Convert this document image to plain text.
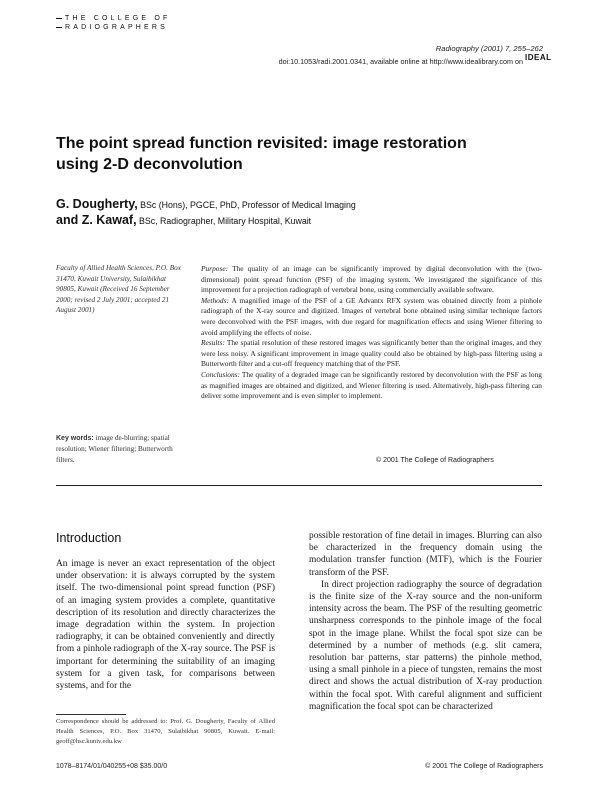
THE COLLEGE OF
RADIOGRAPHERS
Radiography (2001) 7, 255–262
doi:10.1053/radi.2001.0341, available online at http://www.idealibrary.com on IDEAL
The point spread function revisited: image restoration using 2-D deconvolution
G. Dougherty, BSc (Hons), PGCE, PhD, Professor of Medical Imaging
and Z. Kawaf, BSc, Radiographer, Military Hospital, Kuwait
Faculty of Allied Health Sciences, P.O. Box 31470, Kuwait University, Sulaibikhat 90805, Kuwait (Received 16 September 2000; revised 2 July 2001; accepted 21 August 2001)
Key words: image de-blurring; spatial resolution; Wiener filtering; Butterworth filters.

Purpose: The quality of an image can be significantly improved by digital deconvolution with the (two-dimensional) point spread function (PSF) of the imaging system. We investigated the significance of this improvement for a projection radiograph of vertebral bone, using commercially available software.

Methods: A magnified image of the PSF of a GE Advantx RFX system was obtained directly from a pinhole radiograph of the X-ray source and digitized. Images of vertebral bone obtained using similar technique factors were deconvolved with the PSF images, with due regard for magnification effects and using Wiener filtering to avoid amplifying the effects of noise.

Results: The spatial resolution of these restored images was significantly better than the original images, and they were less noisy. A significant improvement in image quality could also be obtained by high-pass filtering using a Butterworth filter and a cut-off frequency matching that of the PSF.

Conclusions: The quality of a degraded image can be significantly restored by deconvolution with the PSF as long as magnified images are obtained and digitized, and Wiener filtering is used. Alternatively, high-pass filtering can deliver some improvement and is even simpler to implement.

© 2001 The College of Radiographers
Introduction
An image is never an exact representation of the object under observation: it is always corrupted by the system itself. The two-dimensional point spread function (PSF) of an imaging system provides a complete, quantitative description of its resolution and directly characterizes the image degradation within the system. In projection radiography, it can be obtained conveniently and directly from a pinhole radiograph of the X-ray source. The PSF is important for determining the suitability of an imaging system for a given task, for comparisons between systems, and for the

possible restoration of fine detail in images. Blurring can also be characterized in the frequency domain using the modulation transfer function (MTF), which is the Fourier transform of the PSF.

In direct projection radiography the source of degradation is the finite size of the X-ray source and the non-uniform intensity across the beam. The PSF of the resulting geometric unsharpness corresponds to the pinhole image of the focal spot in the image plane. Whilst the focal spot size can be determined by a number of methods (e.g. slit camera, resolution bar patterns, star patterns) the pinhole method, using a small pinhole in a piece of tungsten, remains the most direct and shows the actual distribution of X-ray production within the focal spot. With careful alignment and sufficient magnification the focal spot can be characterized

Correspondence should be addressed to: Prof. G. Dougherty, Faculty of Allied Health Sciences, P.O. Box 31470, Sulaibikhat 90805, Kuwait. E-mail: geoff@hsc.kuniv.edu.kw
1078–8174/01/040255+08 $35.00/0	© 2001 The College of Radiographers
